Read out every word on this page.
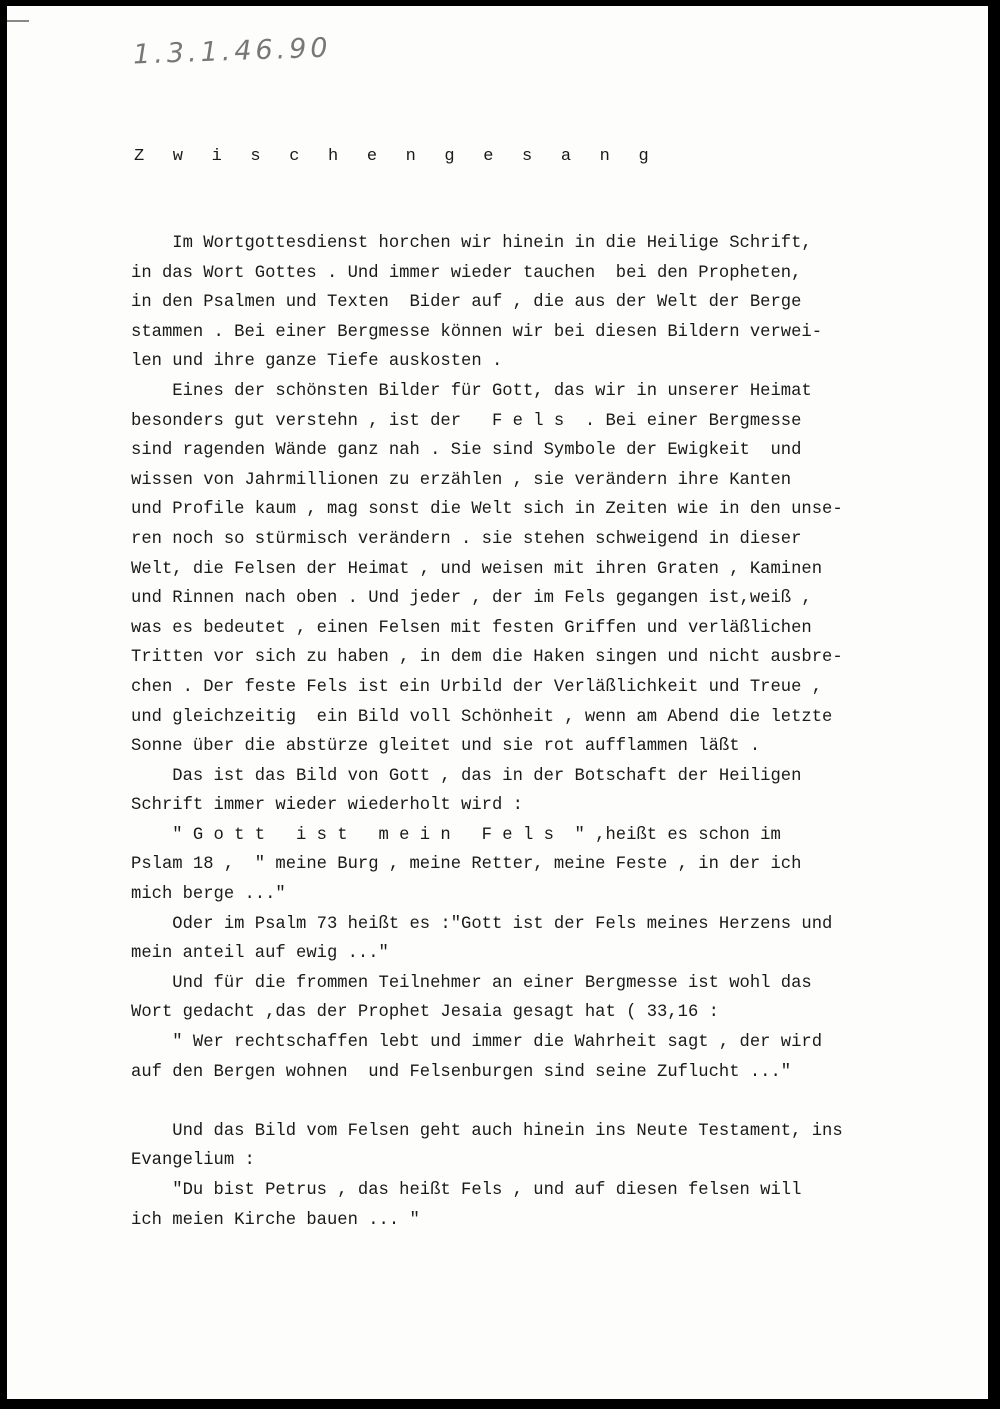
1.3.1.46.90
Z w i s c h e n g e s a n g
Im Wortgottesdienst horchen wir hinein in die Heilige Schrift,
in das Wort Gottes . Und immer wieder tauchen  bei den Propheten,
in den Psalmen und Texten  Bider auf , die aus der Welt der Berge
stammen . Bei einer Bergmesse können wir bei diesen Bildern verwei-
len und ihre ganze Tiefe auskosten .
Eines der schönsten Bilder für Gott, das wir in unserer Heimat
besonders gut verstehn , ist der   F e l s  . Bei einer Bergmesse
sind ragenden Wände ganz nah . Sie sind Symbole der Ewigkeit  und
wissen von Jahrmillionen zu erzählen , sie verändern ihre Kanten
und Profile kaum , mag sonst die Welt sich in Zeiten wie in den unse-
ren noch so stürmisch verändern . sie stehen schweigend in dieser
Welt, die Felsen der Heimat , und weisen mit ihren Graten , Kaminen
und Rinnen nach oben . Und jeder , der im Fels gegangen ist,weiß ,
was es bedeutet , einen Felsen mit festen Griffen und verläßlichen
Tritten vor sich zu haben , in dem die Haken singen und nicht ausbre-
chen . Der feste Fels ist ein Urbild der Verläßlichkeit und Treue ,
und gleichzeitig  ein Bild voll Schönheit , wenn am Abend die letzte
Sonne über die abstürze gleitet und sie rot aufflammen läßt .
Das ist das Bild von Gott , das in der Botschaft der Heiligen
Schrift immer wieder wiederholt wird :
" G o t t   i s t   m e i n   F e l s  " ,heißt es schon im
Pslam 18 ,  " meine Burg , meine Retter, meine Feste , in der ich
mich berge ..."
Oder im Psalm 73 heißt es :"Gott ist der Fels meines Herzens und
mein anteil auf ewig ..."
Und für die frommen Teilnehmer an einer Bergmesse ist wohl das
Wort gedacht ,das der Prophet Jesaia gesagt hat ( 33,16 :
" Wer rechtschaffen lebt und immer die Wahrheit sagt , der wird
auf den Bergen wohnen  und Felsenburgen sind seine Zuflucht ..."
Und das Bild vom Felsen geht auch hinein ins Neute Testament, ins
Evangelium :
"Du bist Petrus , das heißt Fels , und auf diesen felsen will
ich meien Kirche bauen ... "
